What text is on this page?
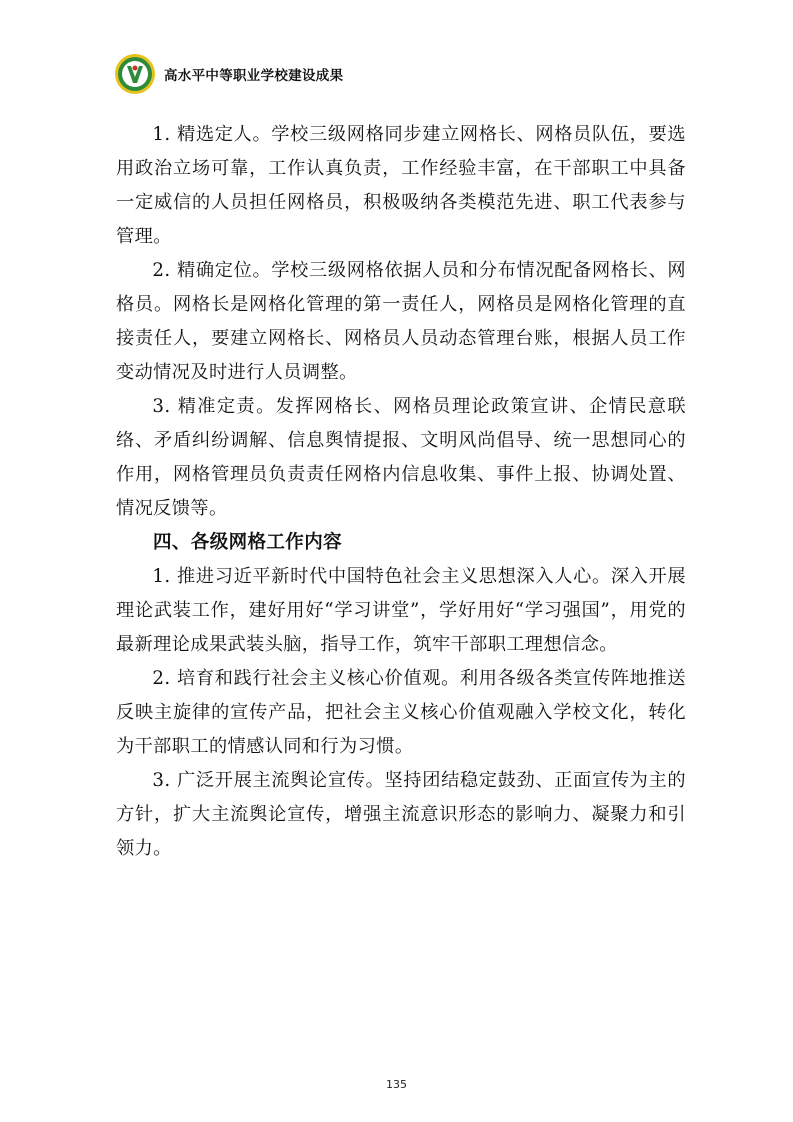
高水平中等职业学校建设成果

1. 精选定人。学校三级网格同步建立网格长、网格员队伍，要选用政治立场可靠，工作认真负责，工作经验丰富，在干部职工中具备一定威信的人员担任网格员，积极吸纳各类模范先进、职工代表参与管理。

2. 精确定位。学校三级网格依据人员和分布情况配备网格长、网格员。网格长是网格化管理的第一责任人，网格员是网格化管理的直接责任人，要建立网格长、网格员人员动态管理台账，根据人员工作变动情况及时进行人员调整。

3. 精准定责。发挥网格长、网格员理论政策宣讲、企情民意联络、矛盾纠纷调解、信息舆情提报、文明风尚倡导、统一思想同心的作用，网格管理员负责责任网格内信息收集、事件上报、协调处置、情况反馈等。

四、各级网格工作内容

1. 推进习近平新时代中国特色社会主义思想深入人心。深入开展理论武装工作，建好用好“学习讲堂”，学好用好“学习强国”，用党的最新理论成果武装头脑，指导工作，筑牢干部职工理想信念。

2. 培育和践行社会主义核心价值观。利用各级各类宣传阵地推送反映主旋律的宣传产品，把社会主义核心价值观融入学校文化，转化为干部职工的情感认同和行为习惯。

3. 广泛开展主流舆论宣传。坚持团结稳定鼓劲、正面宣传为主的方针，扩大主流舆论宣传，增强主流意识形态的影响力、凝聚力和引领力。

135
